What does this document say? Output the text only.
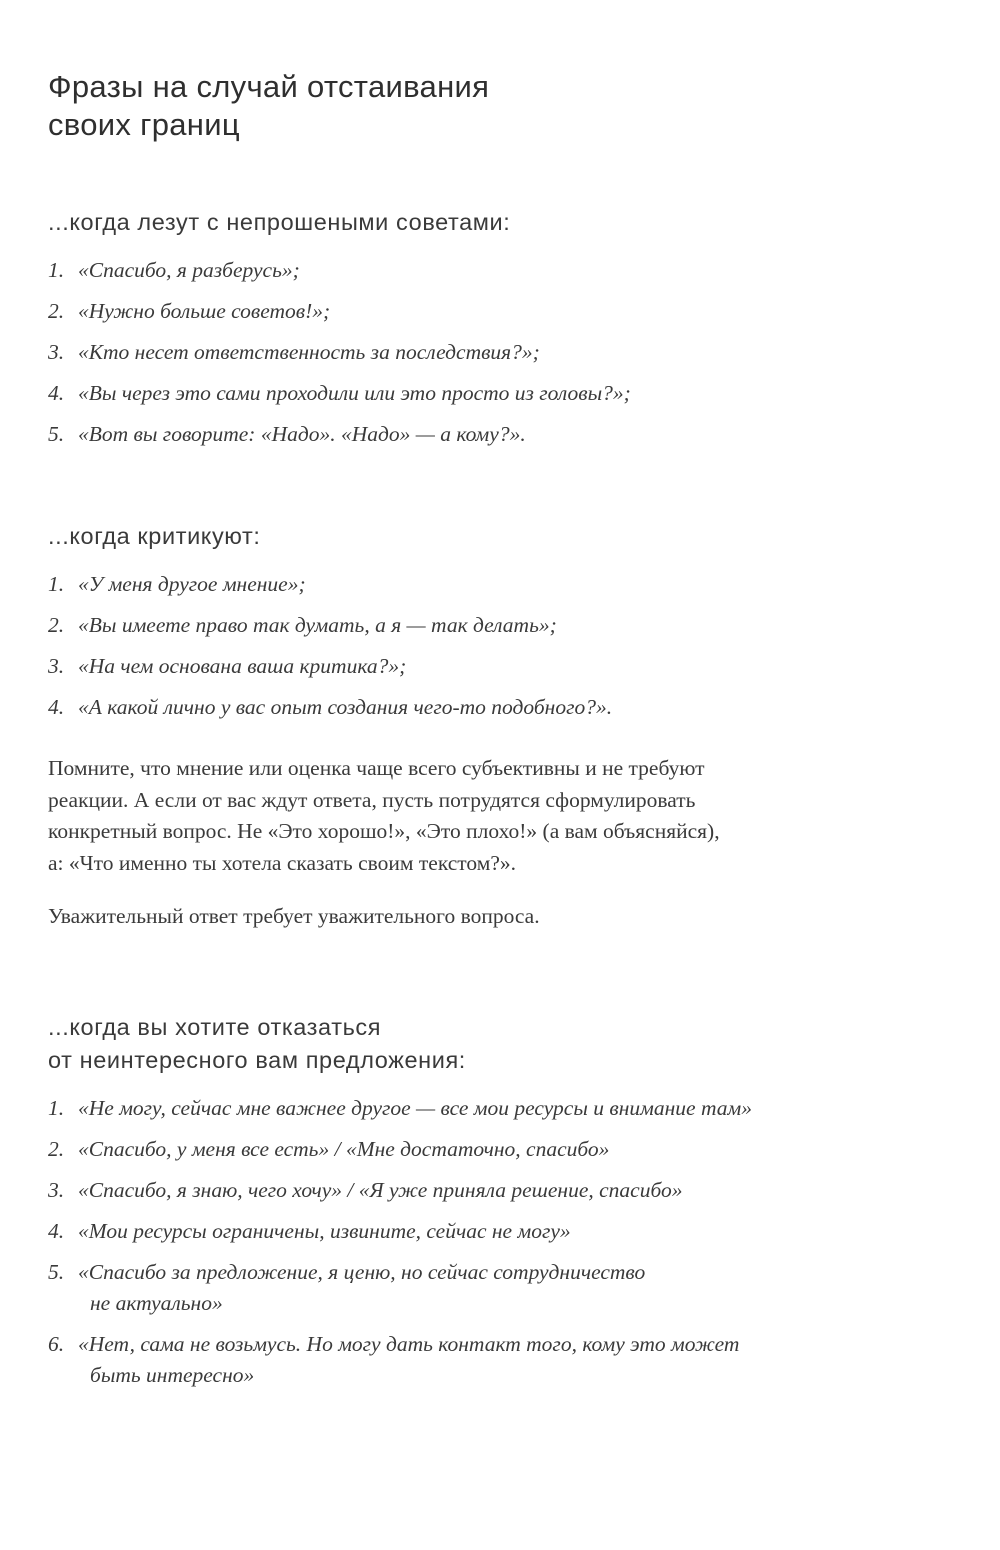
Фразы на случай отстаивания
своих границ
...когда лезут с непрошеными советами:
1. «Спасибо, я разберусь»;
2. «Нужно больше советов!»;
3. «Кто несет ответственность за последствия?»;
4. «Вы через это сами проходили или это просто из головы?»;
5. «Вот вы говорите: «Надо». «Надо» — а кому?».
...когда критикуют:
1. «У меня другое мнение»;
2. «Вы имеете право так думать, а я — так делать»;
3. «На чем основана ваша критика?»;
4. «А какой лично у вас опыт создания чего-то подобного?».

Помните, что мнение или оценка чаще всего субъективны и не требуют
реакции. А если от вас ждут ответа, пусть потрудятся сформулировать
конкретный вопрос. Не «Это хорошо!», «Это плохо!» (а вам объясняйся),
а: «Что именно ты хотела сказать своим текстом?».

Уважительный ответ требует уважительного вопроса.

...когда вы хотите отказаться
от неинтересного вам предложения:
1. «Не могу, сейчас мне важнее другое — все мои ресурсы и внимание там»
2. «Спасибо, у меня все есть» / «Мне достаточно, спасибо»
3. «Спасибо, я знаю, чего хочу» / «Я уже приняла решение, спасибо»
4. «Мои ресурсы ограничены, извините, сейчас не могу»
5. «Спасибо за предложение, я ценю, но сейчас сотрудничество
не актуально»
6. «Нет, сама не возьмусь. Но могу дать контакт того, кому это может
быть интересно»
